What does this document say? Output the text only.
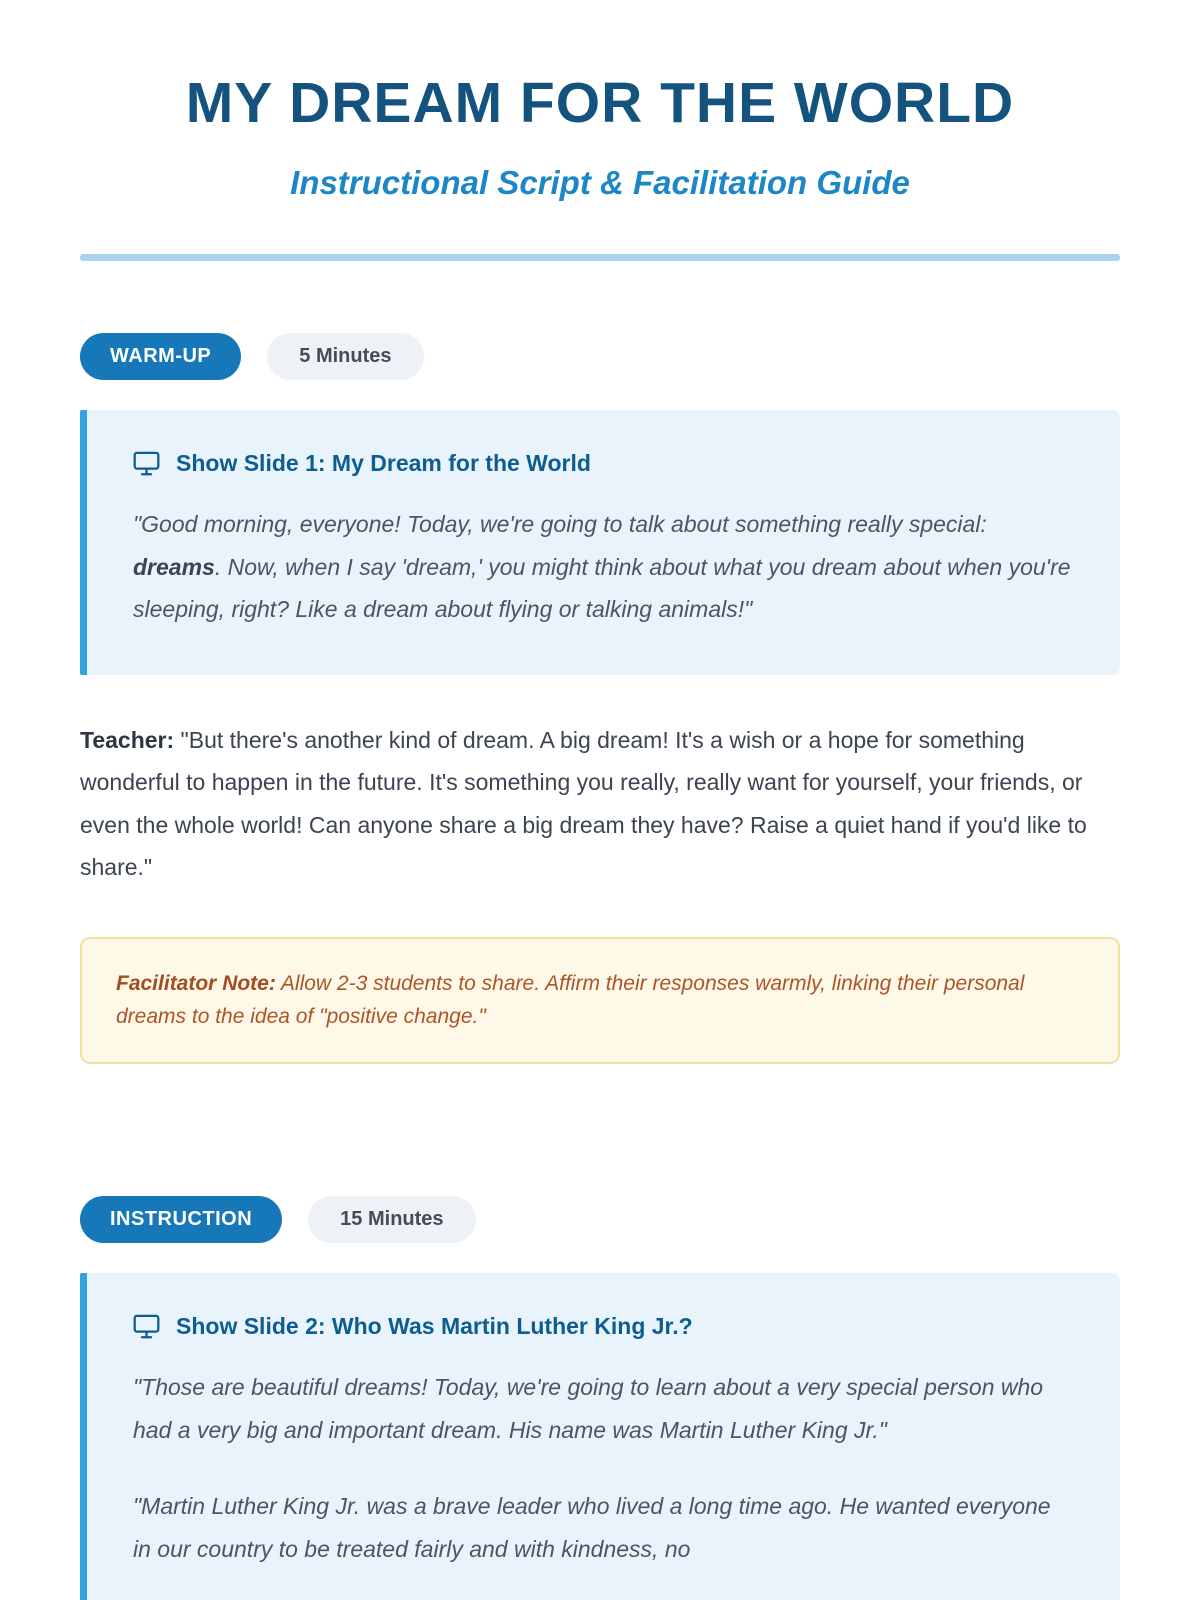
MY DREAM FOR THE WORLD
Instructional Script & Facilitation Guide
WARM-UP	5 Minutes
Show Slide 1: My Dream for the World

"Good morning, everyone! Today, we're going to talk about something really special: dreams. Now, when I say 'dream,' you might think about what you dream about when you're sleeping, right? Like a dream about flying or talking animals!"

Teacher: "But there's another kind of dream. A big dream! It's a wish or a hope for something wonderful to happen in the future. It's something you really, really want for yourself, your friends, or even the whole world! Can anyone share a big dream they have? Raise a quiet hand if you'd like to share."

Facilitator Note: Allow 2-3 students to share. Affirm their responses warmly, linking their personal dreams to the idea of "positive change."
INSTRUCTION	15 Minutes
Show Slide 2: Who Was Martin Luther King Jr.?

"Those are beautiful dreams! Today, we're going to learn about a very special person who had a very big and important dream. His name was Martin Luther King Jr."

"Martin Luther King Jr. was a brave leader who lived a long time ago. He wanted everyone in our country to be treated fairly and with kindness, no
